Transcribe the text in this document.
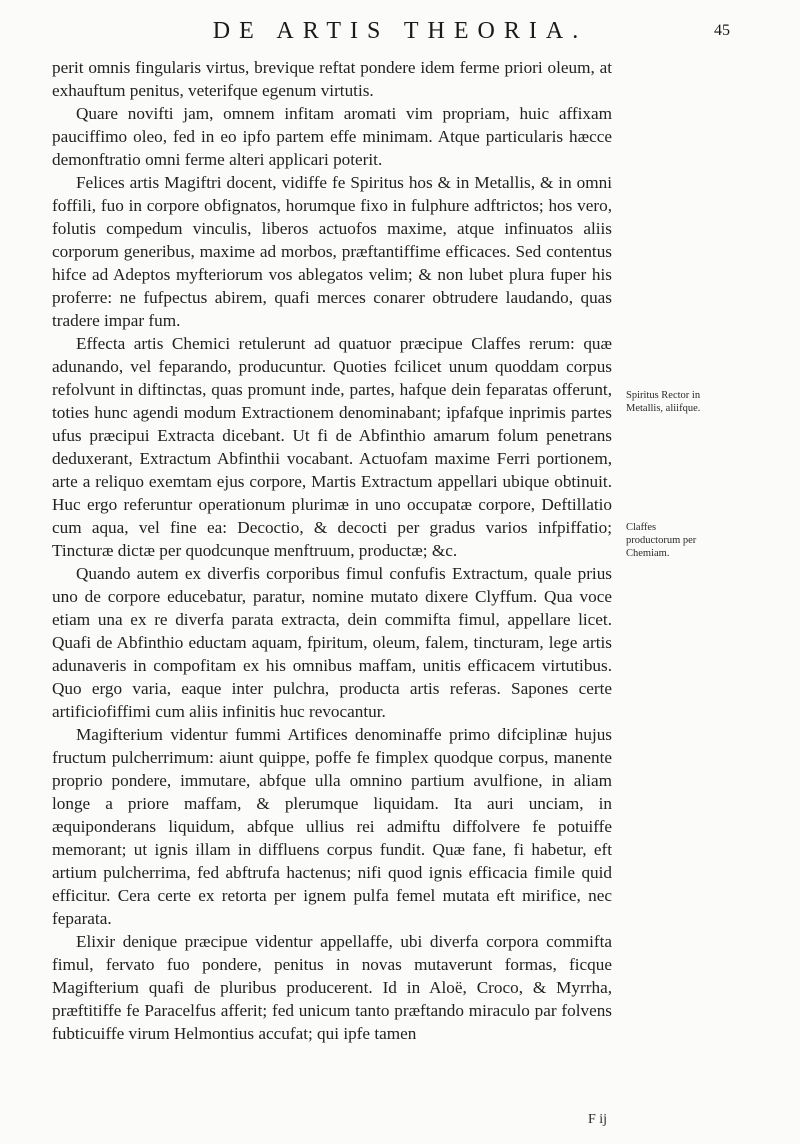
DE ARTIS THEORIA.	45

perit omnis fingularis virtus, brevique reftat pondere idem ferme priori oleum, at exhauftum penitus, veterifque egenum virtutis.

Quare novifti jam, omnem infitam aromati vim propriam, huic affixam pauciffimo oleo, fed in eo ipfo partem effe minimam. Atque particularis hæcce demonftratio omni ferme alteri applicari poterit.

Felices artis Magiftri docent, vidiffe fe Spiritus hos & in Metallis, & in omni foffili, fuo in corpore obfignatos, horumque fixo in fulphure adftrictos; hos vero, folutis compedum vinculis, liberos actuofos maxime, atque infinuatos aliis corporum generibus, maxime ad morbos, præftantiffime efficaces. Sed contentus hifce ad Adeptos myfteriorum vos ablegatos velim; & non lubet plura fuper his proferre: ne fufpectus abirem, quafi merces conarer obtrudere laudando, quas tradere impar fum.

Effecta artis Chemici retulerunt ad quatuor præcipue Claffes rerum: quæ adunando, vel feparando, producuntur. Quoties fcilicet unum quoddam corpus refolvunt in diftinctas, quas promunt inde, partes, hafque dein feparatas offerunt, toties hunc agendi modum Extractionem denominabant; ipfafque inprimis partes ufus præcipui Extracta dicebant. Ut fi de Abfinthio amarum folum penetrans deduxerant, Extractum Abfinthii vocabant. Actuofam maxime Ferri portionem, arte a reliquo exemtam ejus corpore, Martis Extractum appellari ubique obtinuit. Huc ergo referuntur operationum plurimæ in uno occupatæ corpore, Deftillatio cum aqua, vel fine ea: Decoctio, & decocti per gradus varios infpiffatio; Tincturæ dictæ per quodcunque menftruum, productæ; &c.

Quando autem ex diverfis corporibus fimul confufis Extractum, quale prius uno de corpore educebatur, paratur, nomine mutato dixere Clyffum. Qua voce etiam una ex re diverfa parata extracta, dein commifta fimul, appellare licet. Quafi de Abfinthio eductam aquam, fpiritum, oleum, falem, tincturam, lege artis adunaveris in compofitam ex his omnibus maffam, unitis efficacem virtutibus. Quo ergo varia, eaque inter pulchra, producta artis referas. Sapones certe artificiofiffimi cum aliis infinitis huc revocantur.

Magifterium videntur fummi Artifices denominaffe primo difciplinæ hujus fructum pulcherrimum: aiunt quippe, poffe fe fimplex quodque corpus, manente proprio pondere, immutare, abfque ulla omnino partium avulfione, in aliam longe a priore maffam, & plerumque liquidam. Ita auri unciam, in æquiponderans liquidum, abfque ullius rei admiftu diffolvere fe potuiffe memorant; ut ignis illam in diffluens corpus fundit. Quæ fane, fi habetur, eft artium pulcherrima, fed abftrufa hactenus; nifi quod ignis efficacia fimile quid efficitur. Cera certe ex retorta per ignem pulfa femel mutata eft mirifice, nec feparata.

Elixir denique præcipue videntur appellaffe, ubi diverfa corpora commifta fimul, fervato fuo pondere, penitus in novas mutaverunt formas, ficque Magifterium quafi de pluribus producerent. Id in Aloë, Croco, & Myrrha, præftitiffe fe Paracelfus afferit; fed unicum tanto præftando miraculo par folvens fubticuiffe virum Helmontius accufat; qui ipfe tamen

Spiritus Rector in Metallis, aliifque.
Claffes productorum per Chemiam.
F ij
